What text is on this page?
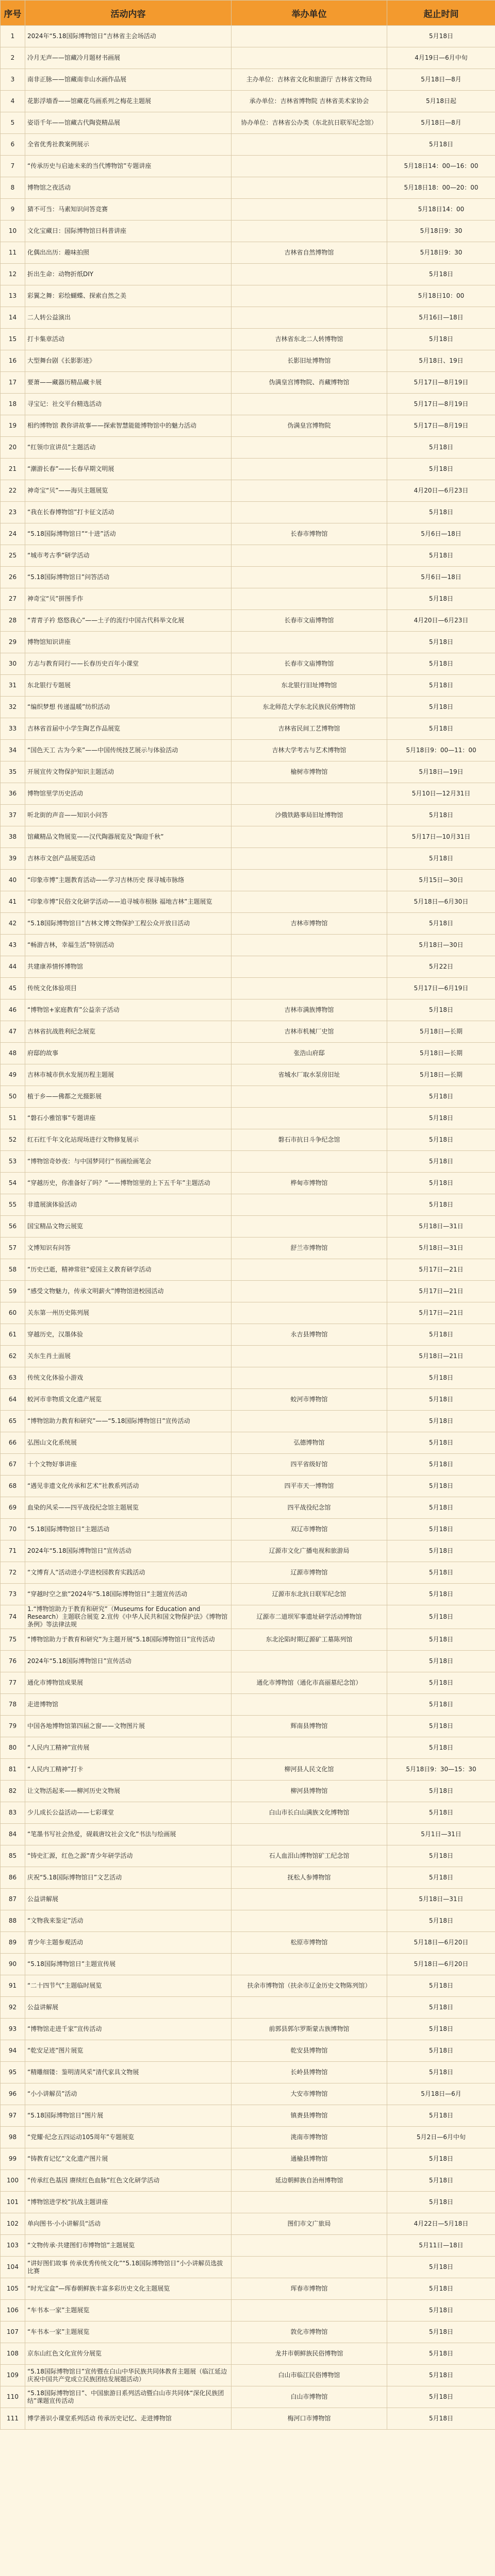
序号	活动内容	举办单位	起止时间
1	2024年“5.18国际博物馆日”吉林省主会场活动		5月18日
2	冷月无声——馆藏冷月题材书画展		4月19日—6月中旬
3	南非正脉——馆藏南非山水画作品展	主办单位：吉林省文化和旅游厅 吉林省文物局	5月18日—8月
4	花影浮墙香——馆藏花鸟画系列之梅花主题展	承办单位：吉林省博物院 吉林省美术家协会	5月18日起
5	姿语千年——馆藏古代陶瓷精品展	协办单位：吉林省公办类（东北抗日联军纪念馆）	5月18日—8月
6	全省优秀社教案例展示		5月18日
7	“传承历史与启迪未来的当代博物馆”专题讲座		5月18日14：00—16：00
8	博物馆之夜活动		5月18日18：00—20：00
9	猜不可当：马素知识问答竞赛		5月18日14：00
10	文化宝藏日：国际博物馆日科普讲座		5月18日9：30
11	化偶出出历：趣味拍照	吉林省自然博物馆	5月18日9：30
12	折出生命：动物折纸DIY		5月18日
13	彩翼之舞：彩绘蝴蝶、探索自然之美		5月18日10：00
14	二人转公益演出		5月16日—18日
15	打卡集章活动	吉林省东北二人转博物馆	5月18日
16	大型舞台剧《长影影迹》	长影旧址博物馆	5月18日、19日
17	要萧——藏器历精品藏卡展	伪满皇宫博物院、肖藏博物馆	5月17日—8月19日
18	寻宝记：社交平台精选活动		5月17日—8月19日
19	相约博物馆 教你讲故事——探索智慧能能博物馆中的魅力活动	伪满皇宫博物院	5月17日—8月19日
20	“红领巾宣讲员”主题活动		5月18日
21	“潮游长春”——长春早期文明展		5月18日
22	神奇宝“贝”——海贝主题展览		4月20日—6月23日
23	“我在长春博物馆”打卡征文活动		5月18日
24	“5.18国际博物馆日”“十进”活动	长春市博物馆	5月6日—18日
25	“城市考古季”研学活动		5月18日
26	“5.18国际博物馆日”问答活动		5月6日—18日
27	神奇宝“贝”拼图手作		5月18日
28	“青青子衿 悠悠我心”——土子的流行中国古代科举文化展	长春市文庙博物馆	4月20日—6月23日
29	博物馆知识讲座		5月18日
30	方志与教育同行——长春历史百年小课堂	长春市文庙博物馆	5月18日
31	东北银行专题展	东北银行旧址博物馆	5月18日
32	“编织梦想 传递温暖”纺织活动	东北师范大学东北民族民俗博物馆	5月18日
33	吉林省首届中小学生陶艺作品展览	吉林省民间工艺博物馆	5月18日
34	“国色天工 古为今来”——中国传统技艺展示与体验活动	吉林大学考古与艺术博物馆	5月18日9：00—11：00
35	开展宣传文物保护知识主题活动	榆树市博物馆	5月18日—19日
36	博物馆里学历史活动		5月10日—12月31日
37	听北街的声音——知识小问答	沙俄铁路事局旧址博物馆	5月18日
38	馆藏精品文物展览——汉代陶器展览及“陶迎千秋”		5月17日—10月31日
39	吉林市文创产品展览活动		5月18日
40	“印象市博”主题教育活动——学习吉林历史 探寻城市脉络		5月15日—30日
41	“印象市博”民俗文化研学活动——追寻城市根脉 福地吉林”主题展览		5月18日—6月30日
42	“5.18国际博物馆日”吉林文博文物保护工程公众开放日活动	吉林市博物馆	5月18日
43	“畅游吉林，幸福生活”特别活动		5月18日—30日
44	共建康养情怀博物馆		5月22日
45	传统文化体验项目		5月17日—6月19日
46	“博物馆+家庭教育”公益亲子活动	吉林市满族博物馆	5月18日
47	吉林省抗战胜利纪念展览	吉林市机械厂史馆	5月18日—长期
48	府邸的故事	张浩山府邸	5月18日—长期
49	吉林市城市供水发展历程主题展	省城水厂取水泵房旧址	5月18日—长期
50	植于乡——佛都之光摄影展		5月18日
51	“磐石小雅馆事”专题讲座		5月18日
52	红石红千年文化站现场进行文物修复展示	磐石市抗日斗争纪念馆	5月18日
53	“博物馆奇妙夜：与中国梦同行”书画绘画笔会		5月18日
54	“穿越历史，你准备好了吗？”——博物馆里的上下五千年”主题活动	桦甸市博物馆	5月18日
55	非遗展演体验活动		5月18日
56	国宝精品文物云展览		5月18日—31日
57	文博知识有问答	舒兰市博物馆	5月18日—31日
58	“历史已逝，精神常驻”爱国主义教育研学活动		5月17日—21日
59	“感受文物魅力，传承文明薪火”博物馆进校园活动		5月17日—21日
60	关东第一州历史陈列展		5月17日—21日
61	穿越历史，汉墨体验	永吉县博物馆	5月18日
62	关东生肖土面展		5月18日—21日
63	传统文化体验小游戏		5月18日
64	蛟河市非物质文化遗产展览	蛟河市博物馆	5月18日
65	“博物馆助力教育和研究”——“5.18国际博物馆日”宣传活动		5月18日
66	弘图山文化系统展	弘德博物馆	5月18日
67	十个文物好事讲座	四平省级好馆	5月18日
68	“遇见非遗文化传承和艺术”社教系列活动	四平市天一博物馆	5月18日
69	血染的风采——四平战役纪念馆主题展览	四平战役纪念馆	5月18日
70	“5.18国际博物馆日”主题活动	双辽市博物馆	5月18日
71	2024年“5.18国际博物馆日”宣传活动	辽源市文化广播电视和旅游局	5月18日
72	“文博育人”活动进小学进校园教育实践活动	辽源市博物馆	5月18日
73	“穿越时空之旅”2024年“5.18国际博物馆日”主题宣传活动	辽源市东北抗日联军纪念馆	5月18日
74	1.“博物馆助力于教育和研究”（Museums for Education and Research）主题联合展览 2.宣传《中华人民共和国文物保护法》《博物馆条例》等法律法规	辽源市二道坝军事遗址研学活动博物馆	5月18日
75	“博物馆助力于教育和研究”为主题开展“5.18国际博物馆日”宣传活动	东北沦陷时期辽源矿工墓陈列馆	5月18日
76	2024年“5.18国际博物馆日”宣传活动		5月18日
77	通化市博物馆成果展	通化市博物馆（通化市高丽墓纪念馆）	5月18日
78	走进博物馆		5月18日
79	中国各地博物馆第四届之窗——文物图片展	辉南县博物馆	5月18日
80	“人民内工精神”宣传展		5月18日
81	“人民内工精神”打卡	柳河县人民文化馆	5月18日9：30—15：30
82	让文物活起来——柳河历史文物展	柳河县博物馆	5月18日
83	少儿成长公益活动——七彩课堂	白山市长白山满族文化博物馆	5月18日
84	“笔墨书写社会热爱，砚载唐坟社会文化”书法与绘画展		5月1日—31日
85	“铸史汇源，红色之源”青少年研学活动	石人血泪山博物馆矿工纪念馆	5月18日
86	庆祝“5.18国际博物馆日”文艺活动	抚松人参博物馆	5月18日
87	公益讲解展		5月18日—31日
88	“文物我来鉴定”活动		5月18日
89	青少年主题参观活动	松原市博物馆	5月18日—6月20日
90	“5.18国际博物馆日”主题宣传展		5月18日—6月20日
91	“二十四节气”主题临时展览	扶余市博物馆（扶余市辽金历史文物陈列馆）	5月18日
92	公益讲解展		5月18日
93	“博物馆走进千家”宣传活动	前郭县郭尔罗斯蒙古族博物馆	5月18日
94	“乾安足迹”图片展览	乾安县博物馆	5月18日
95	“精雕细镂：鉴明清风采”清代家具文物展	长岭县博物馆	5月18日
96	“小小讲解员”活动	大安市博物馆	5月18日—6月
97	“5.18国际博物馆日”图片展	镇赉县博物馆	5月18日
98	“党耀·纪念五四运动105周年”专题展览	洮南市博物馆	5月2日—6月中旬
99	“铸教育记忆”文化遗产图片展	通榆县博物馆	5月18日
100	“传承红色基因 赓续红色血脉”红色文化研学活动	延边朝鲜族自治州博物馆	5月18日
101	“博物馆进学校”抗战主题讲座		5月18日
102	单向图书·小小讲解员“活动	图们市文广旅局	4月22日—5月18日
103	“文物传承·共建图们市博物馆”主题展览		5月11日—18日
104	“讲好图们故事 传承优秀传统文化”“5.18国际博物馆日”小小讲解员选拔比赛		5月18日
105	“时光宝盒”—珲春朝鲜族丰富多彩历史文化主题展览	珲春市博物馆	5月18日
106	“车书本一家”主题展览		5月18日
107	“车书本一家”主题展览	敦化市博物馆	5月18日
108	京东山红色文化宣传分展览	龙井市朝鲜族民俗博物馆	5月18日
109	“5.18国际博物馆日”宣传暨在白山中华民族共同体教育主题展（临江延边庆祝中国共产党成立民族团结发展题活动）	白山市临江民俗博物馆	5月18日
110	“5.18国际博物馆日”、中国旅游日系列活动暨白山市共同体“深化民族团结”课题宣传活动	白山市博物馆	5月18日
111	博学善识小课堂系列活动 传承历史记忆、走进博物馆	梅河口市博物馆	5月18日
